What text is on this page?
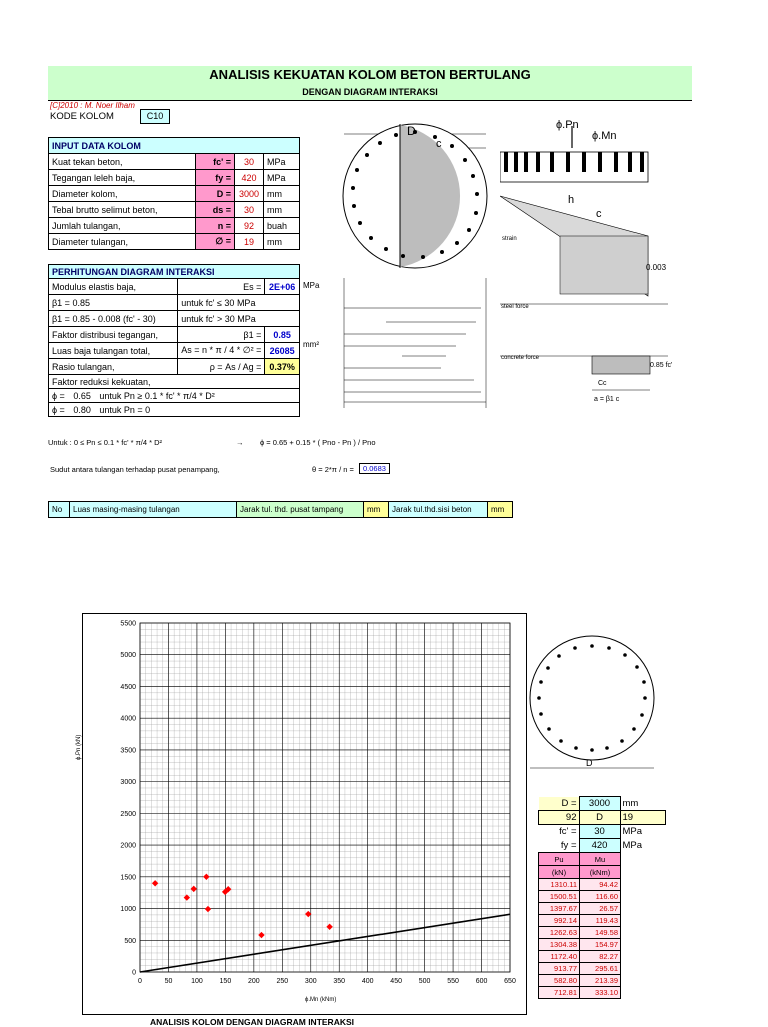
ANALISIS KEKUATAN KOLOM BETON BERTULANG
DENGAN DIAGRAM INTERAKSI
[C]2010 : M. Noer Ilham
KODE KOLOM	C10
INPUT DATA KOLOM			
Kuat tekan beton,	fc' =	30	MPa
Tegangan leleh baja,	fy =	420	MPa
Diameter kolom,	D =	3000	mm
Tebal brutto selimut beton,	ds =	30	mm
Jumlah tulangan,	n =	92	buah
Diameter tulangan,	∅ =	19	mm
PERHITUNGAN DIAGRAM INTERAKSI		
Modulus elastis baja,	Es =	2E+06
β1 = 0.85	untuk fc' ≤ 30 MPa	
β1 = 0.85 - 0.008 (fc' - 30)	untuk fc' > 30 MPa	
Faktor distribusi tegangan,	β1 =	0.85
Luas baja tulangan total,	As = n * π / 4 * ∅² =	26085
Rasio tulangan,	ρ = As / Ag =	0.37%
Faktor reduksi kekuatan,		
ϕ = 0.65 untuk Pn ≥ 0.1 * fc' * π/4 * D²		
ϕ = 0.80 untuk Pn = 0		
MPa
mm²
Untuk : 0 ≤ Pn ≤ 0.1 * fc' * π/4 * D²	→ ϕ = 0.65 + 0.15 * ( Pno - Pn ) / Pno
Sudut antara tulangan terhadap pusat penampang,	θ = 2*π / n =	0.0683
No	Luas masing-masing tulangan	Jarak tul. thd. pusat tampang	mm	Jarak tul.thd.sisi beton	mm
D
c
ϕ.Pn
ϕ.Mn
h
c
strain
0.003
steel force
concrete force
0.85 fc'
Cc
a = β1 c
0	50	100 150 200 250 300 350 400 450 500 550 600 650
0
500
1000
1500
2000
2500
3000
3500
4000
4500
5000
5500
ϕ.Mn (kNm)
ϕ.Pn (kN)
D
D =	3000	mm
92	D	19
fc' =	30	MPa
fy =	420	MPa
Pu	Mu
(kN)	(kNm)
1310.11	94.42
1500.51	116.60
1397.67	26.57
992.14	119.43
1262.63	149.58
1304.38	154.97
1172.40	82.27
913.77	295.61
582.80	213.39
712.81	333.10
ANALISIS KOLOM DENGAN DIAGRAM INTERAKSI
